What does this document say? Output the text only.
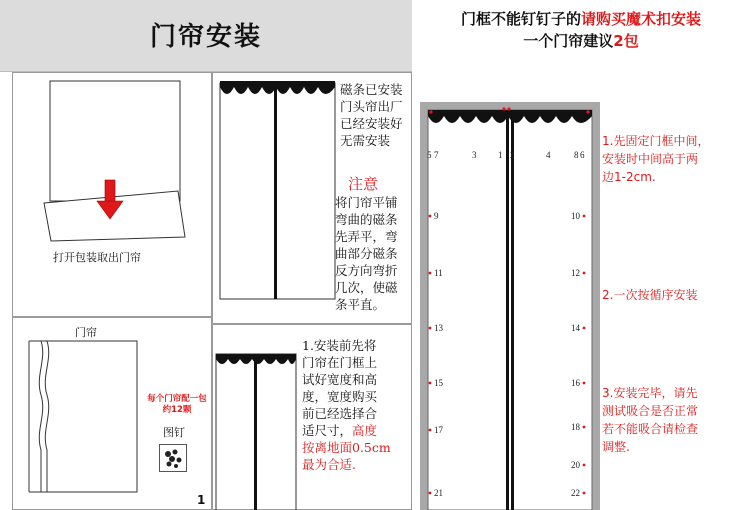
门帘安装
门框不能钉钉子的请购买魔术扣安装
一个门帘建议2包
打开包装取出门帘
门帘
每个门帘配一包
约12颗
图钉
1
磁条已安装
门头帘出厂
已经安装好
无需安装
注意
将门帘平铺
弯曲的磁条
先弄平，弯
曲部分磁条
反方向弯折
几次，使磁
条平直。
1.安装前先将
门帘在门框上
试好宽度和高
度，宽度购买
前已经选择合
适尺寸，高度
按离地面0.5cm
最为合适.
5 7	3 1 2	4	8 6
9
11
13
15
17
21
10
12
14
16
18
20
22
1.先固定门框中间，
安装时中间高于两
边1-2cm.
2.一次按循序安装
3.安装完毕，请先
测试吸合是否正常
若不能吸合请检查
调整.
